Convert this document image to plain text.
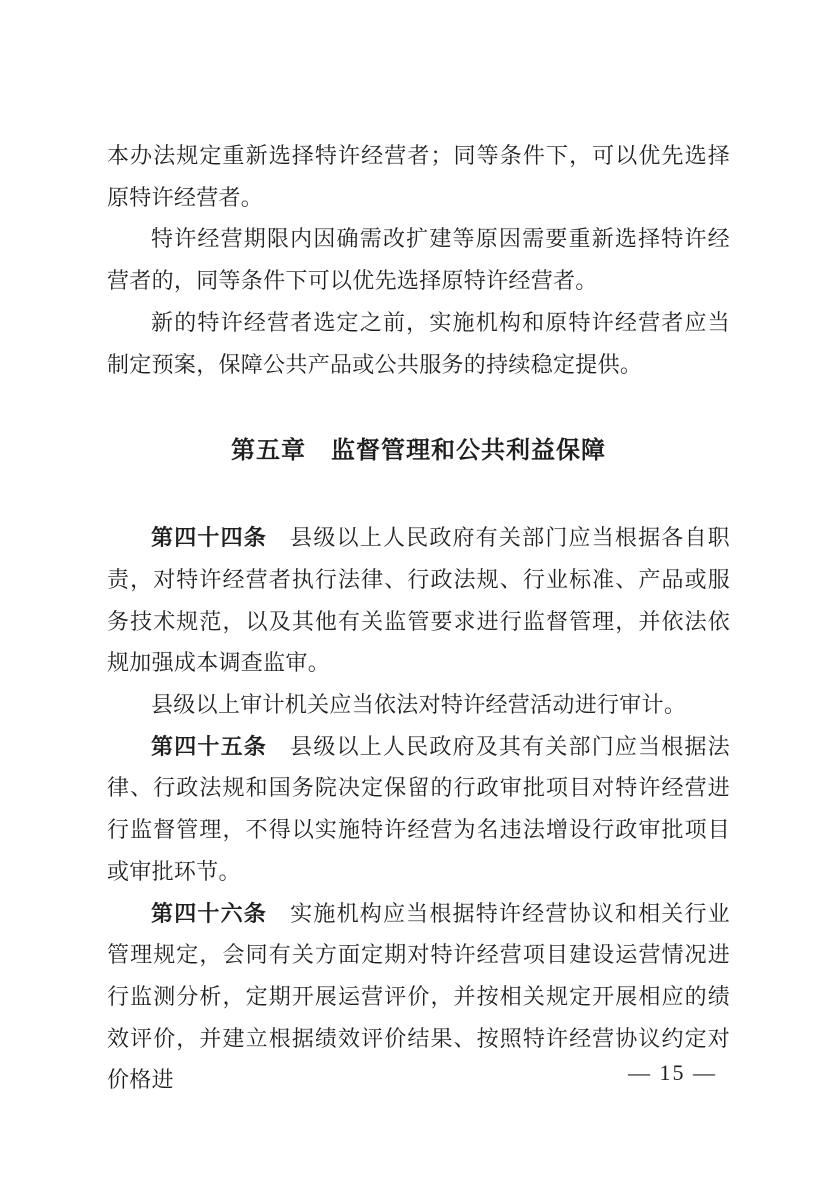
本办法规定重新选择特许经营者；同等条件下，可以优先选择原特许经营者。

特许经营期限内因确需改扩建等原因需要重新选择特许经营者的，同等条件下可以优先选择原特许经营者。

新的特许经营者选定之前，实施机构和原特许经营者应当制定预案，保障公共产品或公共服务的持续稳定提供。

第五章　监督管理和公共利益保障

第四十四条　县级以上人民政府有关部门应当根据各自职责，对特许经营者执行法律、行政法规、行业标准、产品或服务技术规范，以及其他有关监管要求进行监督管理，并依法依规加强成本调查监审。

县级以上审计机关应当依法对特许经营活动进行审计。

第四十五条　县级以上人民政府及其有关部门应当根据法律、行政法规和国务院决定保留的行政审批项目对特许经营进行监督管理，不得以实施特许经营为名违法增设行政审批项目或审批环节。

第四十六条　实施机构应当根据特许经营协议和相关行业管理规定，会同有关方面定期对特许经营项目建设运营情况进行监测分析，定期开展运营评价，并按相关规定开展相应的绩效评价，并建立根据绩效评价结果、按照特许经营协议约定对价格进	— 15 —
